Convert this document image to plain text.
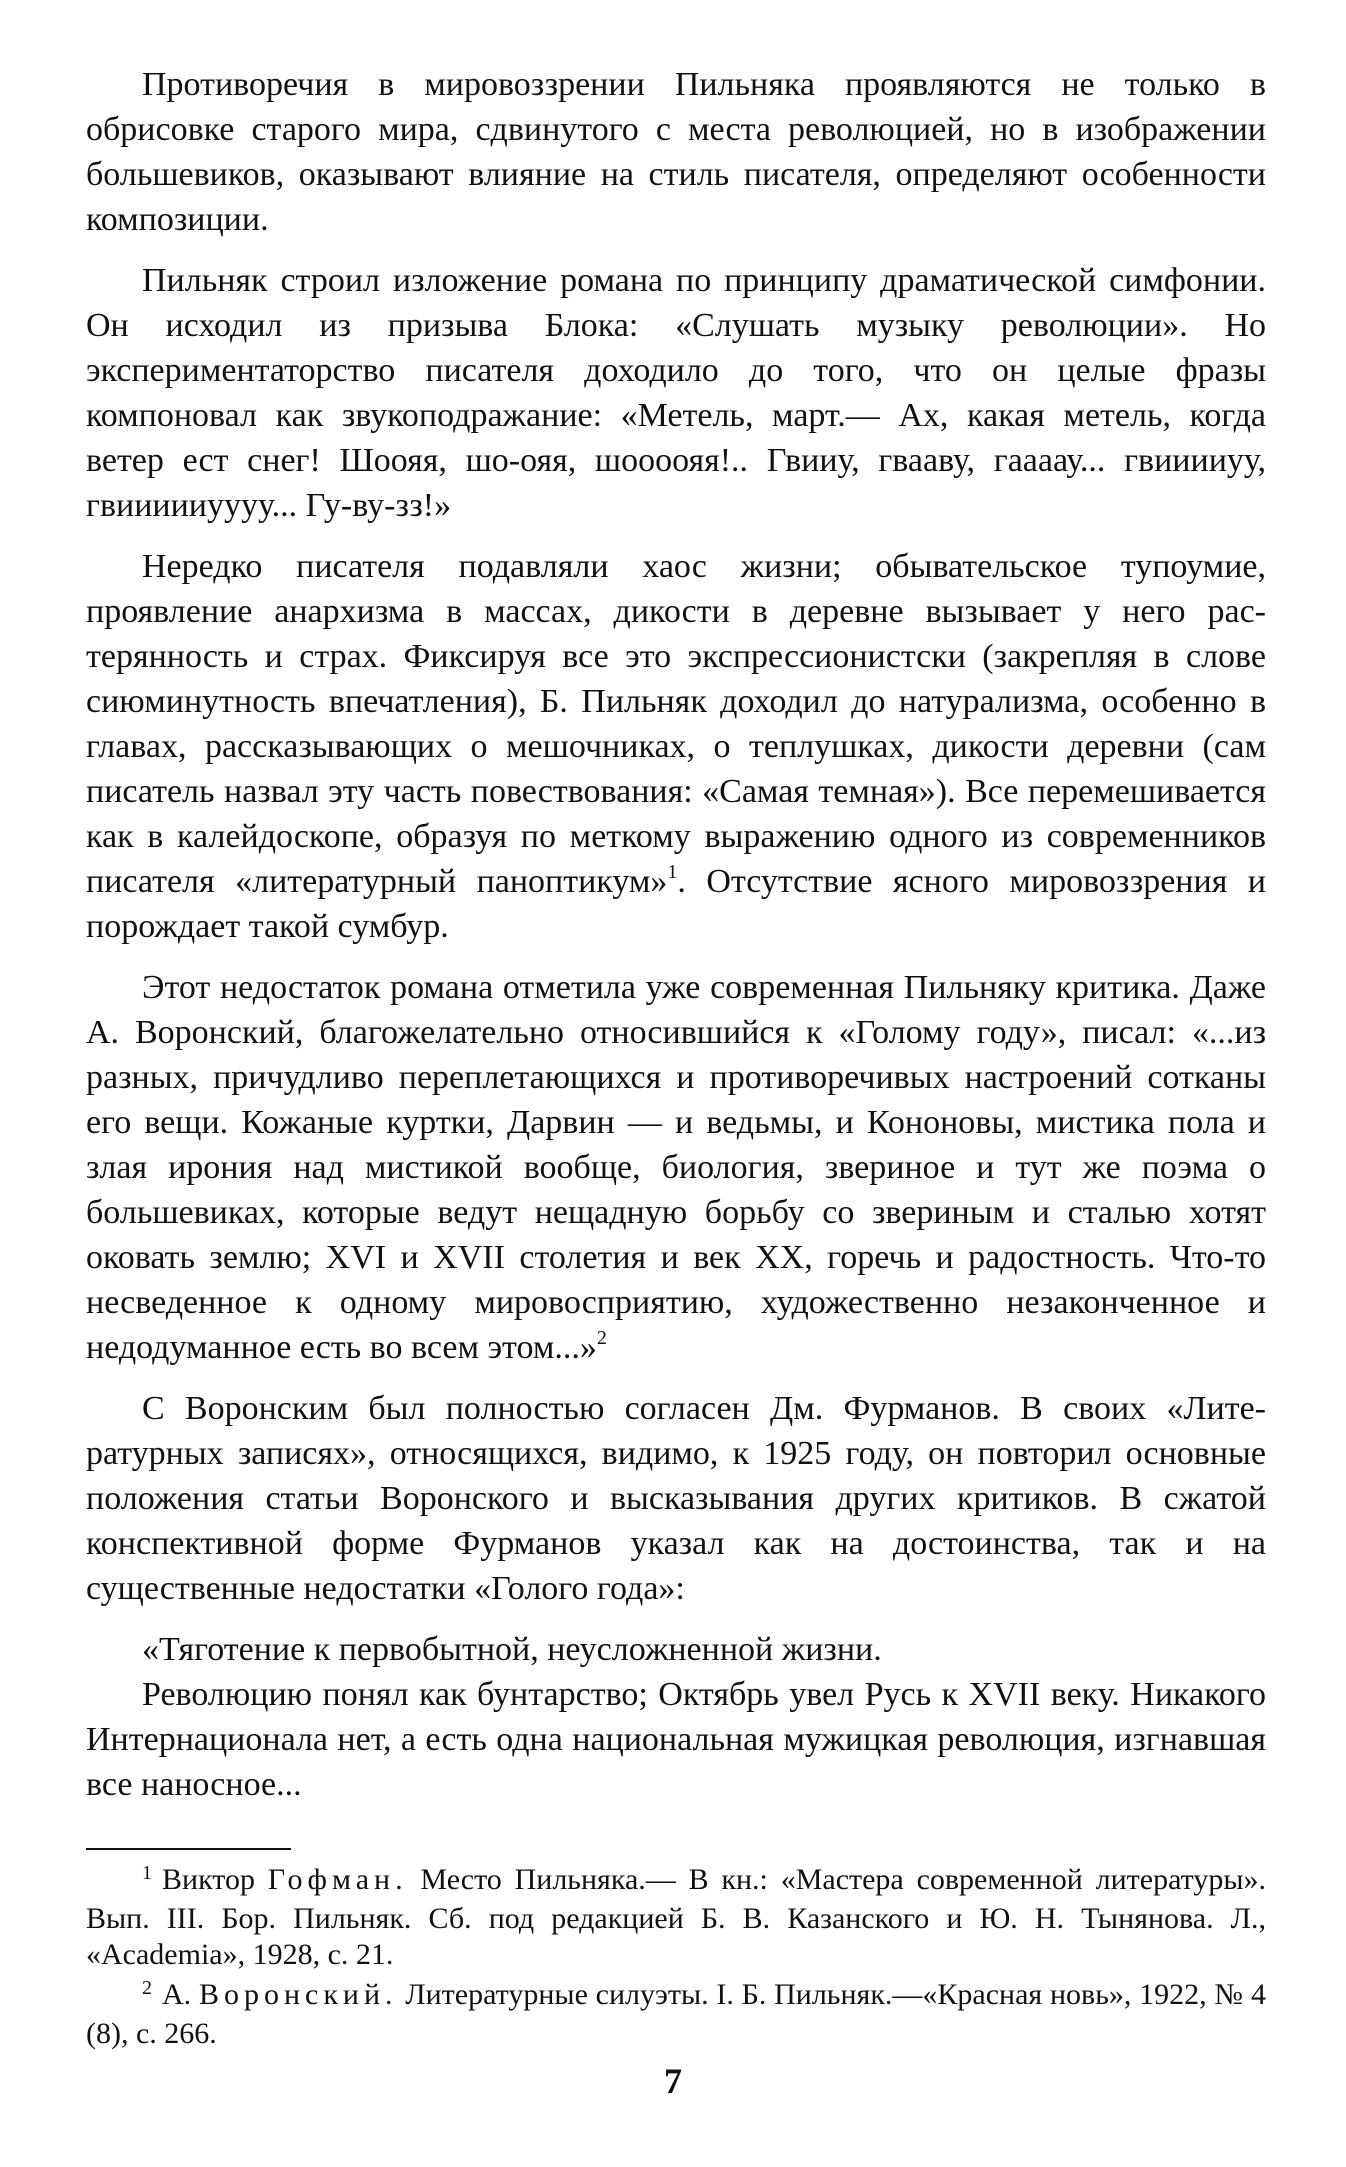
Противоречия в мировоззрении Пильняка проявляются не только в обрисовке старого мира, сдвинутого с места революцией, но в изображении большевиков, оказывают влияние на стиль писателя, определяют особенности композиции.

Пильняк строил изложение романа по принципу драматической симфонии. Он исходил из призыва Блока: «Слушать музыку революции». Но экспериментаторство писателя доходило до того, что он целые фразы компоновал как звукоподражание: «Метель, март.— Ах, какая метель, когда ветер ест снег! Шоояя, шо-ояя, шоооояя!.. Гвииу, гвааву, гаааау... гвииииуу, гвиииииуууу... Гу-ву-зз!»

Нередко писателя подавляли хаос жизни; обывательское тупоумие, проявление анархизма в массах, дикости в деревне вызывает у него растерянность и страх. Фиксируя все это экспрессионистски (закрепляя в слове сиюминутность впечатления), Б. Пильняк доходил до натурализма, особенно в главах, рассказывающих о мешочниках, о теплушках, дикости деревни (сам писатель назвал эту часть повествования: «Самая темная»). Все перемешивается как в калейдоскопе, образуя по меткому выражению одного из современников писателя «литературный паноптикум»$^1$. Отсутствие ясного мировоззрения и порождает такой сумбур.

Этот недостаток романа отметила уже современная Пильняку критика. Даже А. Воронский, благожелательно относившийся к «Голому году», писал: «...из разных, причудливо переплетающихся и противоречивых настроений сотканы его вещи. Кожаные куртки, Дарвин — и ведьмы, и Кононовы, мистика пола и злая ирония над мистикой вообще, биология, звериное и тут же поэма о большевиках, которые ведут нещадную борьбу со звериным и сталью хотят оковать землю; XVI и XVII столетия и век XX, горечь и радостность. Что-то несведенное к одному мировосприятию, художественно незаконченное и недодуманное есть во всем этом...»$^2$

С Воронским был полностью согласен Дм. Фурманов. В своих «Литературных записях», относящихся, видимо, к 1925 году, он повторил основные положения статьи Воронского и высказывания других критиков. В сжатой конспективной форме Фурманов указал как на достоинства, так и на существенные недостатки «Голого года»:

«Тяготение к первобытной, неусложненной жизни.

Революцию понял как бунтарство; Октябрь увел Русь к XVII веку. Никакого Интернационала нет, а есть одна национальная мужицкая революция, изгнавшая все наносное...

$^1$ Виктор Гофман. Место Пильняка.— В кн.: «Мастера современной литературы». Вып. III. Бор. Пильняк. Сб. под редакцией Б. В. Казанского и Ю. Н. Тынянова. Л., «Academia», 1928, с. 21.

$^2$ А. Воронский. Литературные силуэты. I. Б. Пильняк.—«Красная новь», 1922, № 4 (8), с. 266.

7
